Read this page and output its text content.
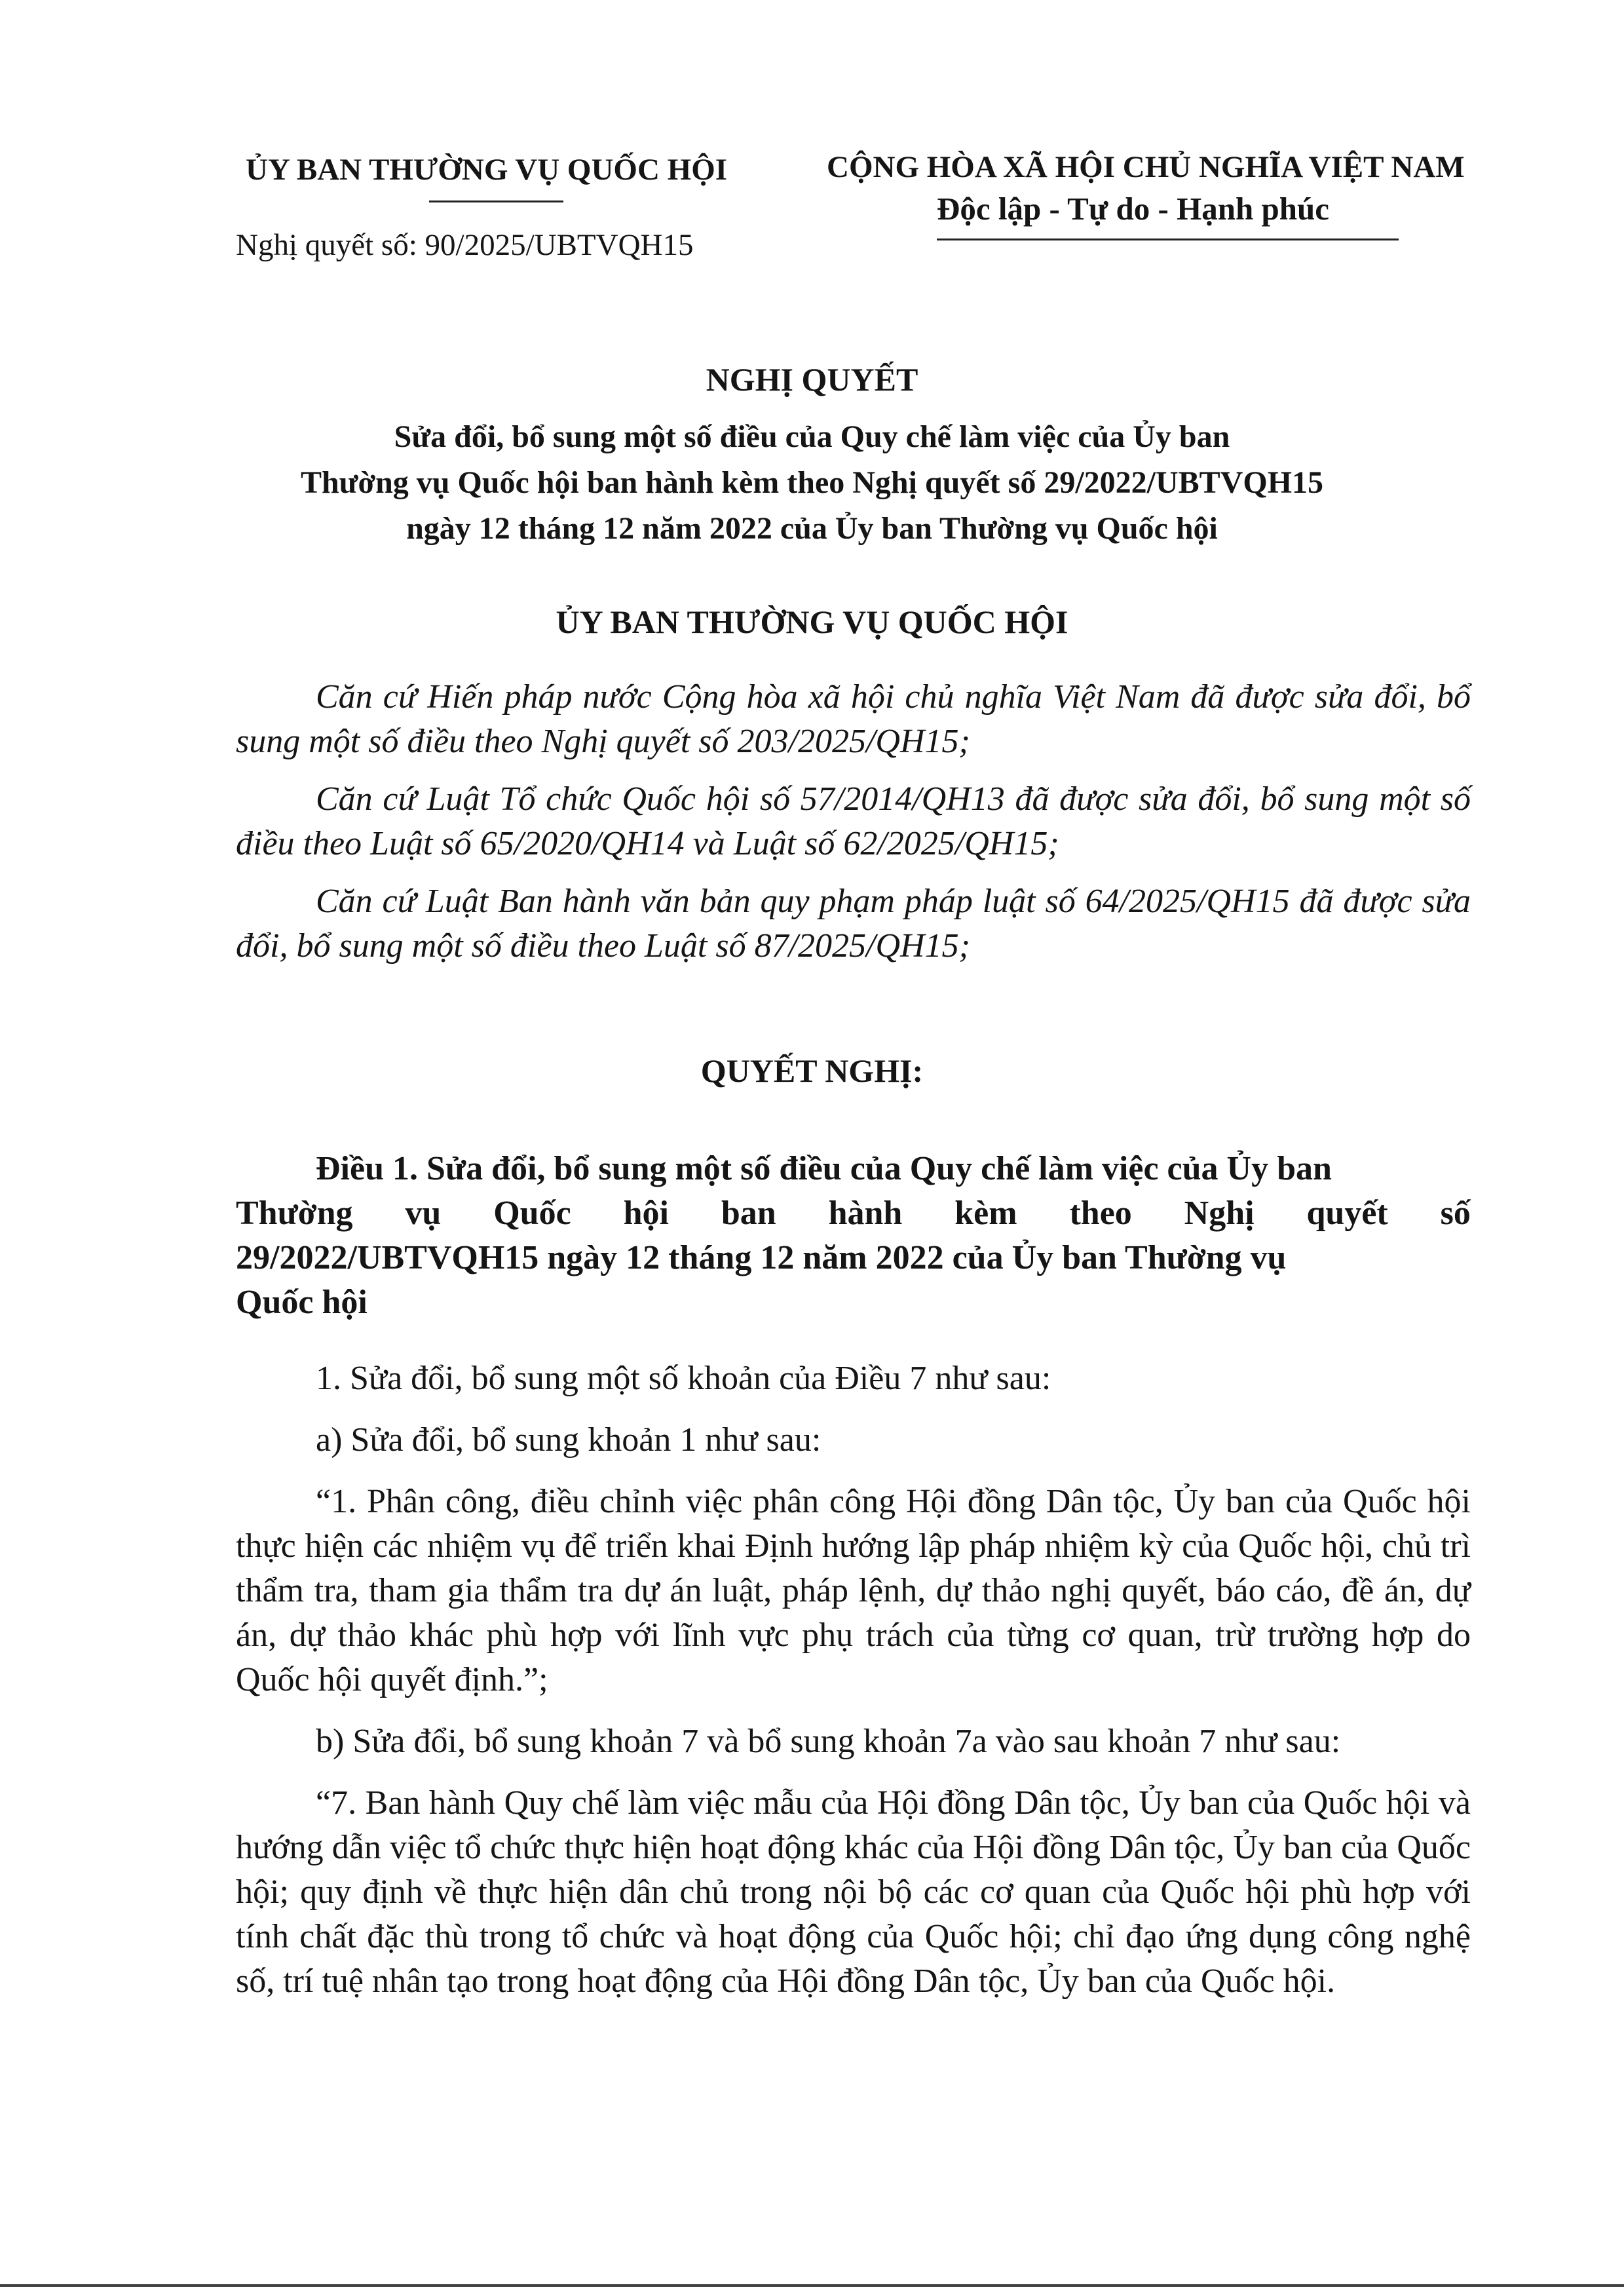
ỦY BAN THƯỜNG VỤ QUỐC HỘI
Nghị quyết số: 90/2025/UBTVQH15
CỘNG HÒA XÃ HỘI CHỦ NGHĨA VIỆT NAM
Độc lập - Tự do - Hạnh phúc
NGHỊ QUYẾT
Sửa đổi, bổ sung một số điều của Quy chế làm việc của Ủy ban
Thường vụ Quốc hội ban hành kèm theo Nghị quyết số 29/2022/UBTVQH15
ngày 12 tháng 12 năm 2022 của Ủy ban Thường vụ Quốc hội
ỦY BAN THƯỜNG VỤ QUỐC HỘI

Căn cứ Hiến pháp nước Cộng hòa xã hội chủ nghĩa Việt Nam đã được sửa đổi, bổ sung một số điều theo Nghị quyết số 203/2025/QH15;

Căn cứ Luật Tổ chức Quốc hội số 57/2014/QH13 đã được sửa đổi, bổ sung một số điều theo Luật số 65/2020/QH14 và Luật số 62/2025/QH15;

Căn cứ Luật Ban hành văn bản quy phạm pháp luật số 64/2025/QH15 đã được sửa đổi, bổ sung một số điều theo Luật số 87/2025/QH15;

QUYẾT NGHỊ:
Điều 1. Sửa đổi, bổ sung một số điều của Quy chế làm việc của Ủy ban
Thường vụ Quốc hội ban hành kèm theo Nghị quyết số
29/2022/UBTVQH15 ngày 12 tháng 12 năm 2022 của Ủy ban Thường vụ
Quốc hội

1. Sửa đổi, bổ sung một số khoản của Điều 7 như sau:

a) Sửa đổi, bổ sung khoản 1 như sau:

“1. Phân công, điều chỉnh việc phân công Hội đồng Dân tộc, Ủy ban của Quốc hội thực hiện các nhiệm vụ để triển khai Định hướng lập pháp nhiệm kỳ của Quốc hội, chủ trì thẩm tra, tham gia thẩm tra dự án luật, pháp lệnh, dự thảo nghị quyết, báo cáo, đề án, dự án, dự thảo khác phù hợp với lĩnh vực phụ trách của từng cơ quan, trừ trường hợp do Quốc hội quyết định.”;

b) Sửa đổi, bổ sung khoản 7 và bổ sung khoản 7a vào sau khoản 7 như sau:

“7. Ban hành Quy chế làm việc mẫu của Hội đồng Dân tộc, Ủy ban của Quốc hội và hướng dẫn việc tổ chức thực hiện hoạt động khác của Hội đồng Dân tộc, Ủy ban của Quốc hội; quy định về thực hiện dân chủ trong nội bộ các cơ quan của Quốc hội phù hợp với tính chất đặc thù trong tổ chức và hoạt động của Quốc hội; chỉ đạo ứng dụng công nghệ số, trí tuệ nhân tạo trong hoạt động của Hội đồng Dân tộc, Ủy ban của Quốc hội.
